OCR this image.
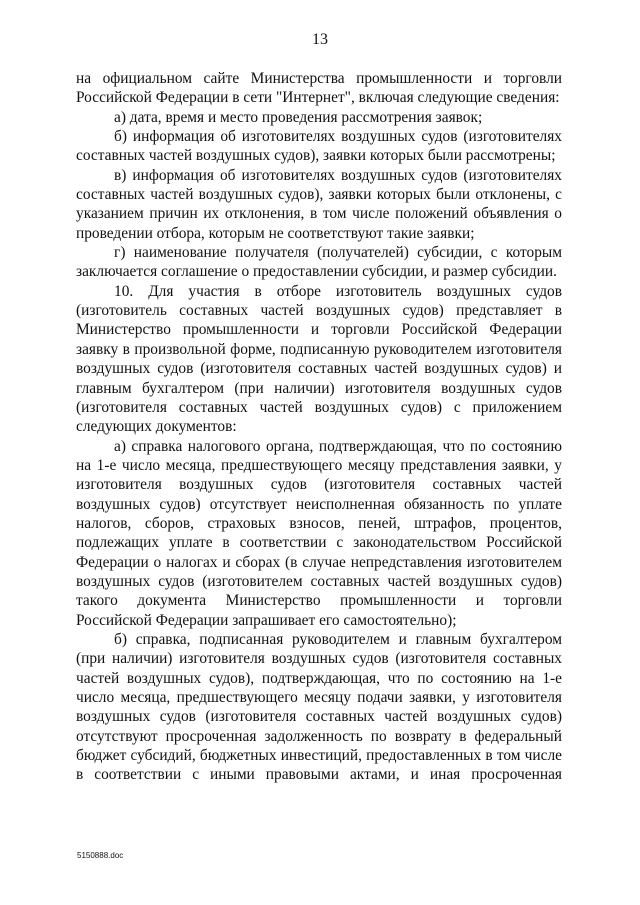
13

на официальном сайте Министерства промышленности и торговли Российской Федерации в сети "Интернет", включая следующие сведения:

а) дата, время и место проведения рассмотрения заявок;

б) информация об изготовителях воздушных судов (изготовителях составных частей воздушных судов), заявки которых были рассмотрены;

в) информация об изготовителях воздушных судов (изготовителях составных частей воздушных судов), заявки которых были отклонены, с указанием причин их отклонения, в том числе положений объявления о проведении отбора, которым не соответствуют такие заявки;

г) наименование получателя (получателей) субсидии, с которым заключается соглашение о предоставлении субсидии, и размер субсидии.

10. Для участия в отборе изготовитель воздушных судов (изготовитель составных частей воздушных судов) представляет в Министерство промышленности и торговли Российской Федерации заявку в произвольной форме, подписанную руководителем изготовителя воздушных судов (изготовителя составных частей воздушных судов) и главным бухгалтером (при наличии) изготовителя воздушных судов (изготовителя составных частей воздушных судов) с приложением следующих документов:

а) справка налогового органа, подтверждающая, что по состоянию на 1-е число месяца, предшествующего месяцу представления заявки, у изготовителя воздушных судов (изготовителя составных частей воздушных судов) отсутствует неисполненная обязанность по уплате налогов, сборов, страховых взносов, пеней, штрафов, процентов, подлежащих уплате в соответствии с законодательством Российской Федерации о налогах и сборах (в случае непредставления изготовителем воздушных судов (изготовителем составных частей воздушных судов) такого документа Министерство промышленности и торговли Российской Федерации запрашивает его самостоятельно);

б) справка, подписанная руководителем и главным бухгалтером (при наличии) изготовителя воздушных судов (изготовителя составных частей воздушных судов), подтверждающая, что по состоянию на 1-е число месяца, предшествующего месяцу подачи заявки, у изготовителя воздушных судов (изготовителя составных частей воздушных судов) отсутствуют просроченная задолженность по возврату в федеральный бюджет субсидий, бюджетных инвестиций, предоставленных в том числе в соответствии с иными правовыми актами, и иная просроченная

5150888.doc
